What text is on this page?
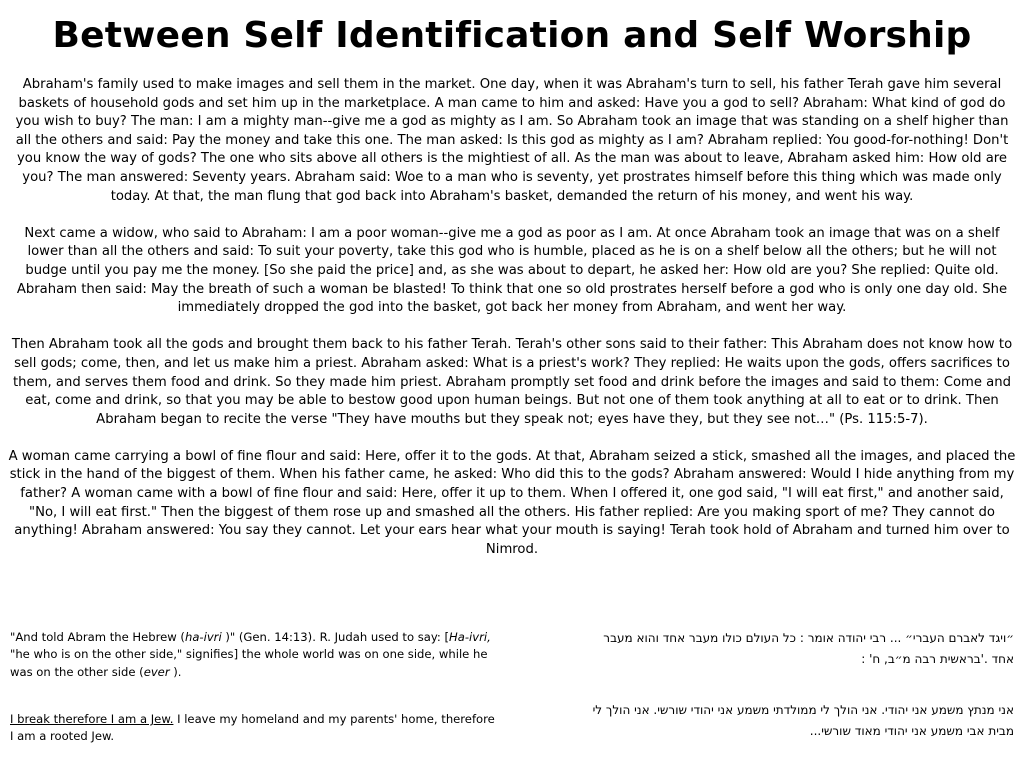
Between Self Identification and Self Worship

Abraham's family used to make images and sell them in the market. One day, when it was Abraham's turn to sell, his father Terah gave him several baskets of household gods and set him up in the marketplace. A man came to him and asked: Have you a god to sell? Abraham: What kind of god do you wish to buy? The man: I am a mighty man--give me a god as mighty as I am. So Abraham took an image that was standing on a shelf higher than all the others and said: Pay the money and take this one. The man asked: Is this god as mighty as I am? Abraham replied: You good-for-nothing! Don't you know the way of gods? The one who sits above all others is the mightiest of all. As the man was about to leave, Abraham asked him: How old are you? The man answered: Seventy years. Abraham said: Woe to a man who is seventy, yet prostrates himself before this thing which was made only today. At that, the man flung that god back into Abraham's basket, demanded the return of his money, and went his way.

Next came a widow, who said to Abraham: I am a poor woman--give me a god as poor as I am. At once Abraham took an image that was on a shelf lower than all the others and said: To suit your poverty, take this god who is humble, placed as he is on a shelf below all the others; but he will not budge until you pay me the money. [So she paid the price] and, as she was about to depart, he asked her: How old are you? She replied: Quite old. Abraham then said: May the breath of such a woman be blasted! To think that one so old prostrates herself before a god who is only one day old. She immediately dropped the god into the basket, got back her money from Abraham, and went her way.

Then Abraham took all the gods and brought them back to his father Terah. Terah's other sons said to their father: This Abraham does not know how to sell gods; come, then, and let us make him a priest. Abraham asked: What is a priest's work? They replied: He waits upon the gods, offers sacrifices to them, and serves them food and drink. So they made him priest. Abraham promptly set food and drink before the images and said to them: Come and eat, come and drink, so that you may be able to bestow good upon human beings. But not one of them took anything at all to eat or to drink. Then Abraham began to recite the verse "They have mouths but they speak not; eyes have they, but they see not…" (Ps. 115:5-7).

A woman came carrying a bowl of fine flour and said: Here, offer it to the gods. At that, Abraham seized a stick, smashed all the images, and placed the stick in the hand of the biggest of them. When his father came, he asked: Who did this to the gods? Abraham answered: Would I hide anything from my father? A woman came with a bowl of fine flour and said: Here, offer it up to them. When I offered it, one god said, "I will eat first," and another said, "No, I will eat first." Then the biggest of them rose up and smashed all the others. His father replied: Are you making sport of me? They cannot do anything! Abraham answered: You say they cannot. Let your ears hear what your mouth is saying! Terah took hold of Abraham and turned him over to Nimrod.

"And told Abram the Hebrew (ha-ivri )" (Gen. 14:13). R. Judah used to say: [Ha-ivri, "he who is on the other side," signifies] the whole world was on one side, while he was on the other side (ever ).
I break therefore I am a Jew. I leave my homeland and my parents' home, therefore I am a rooted Jew.
״ויגד לאברם העברי״ ... רבי יהודה אומר : כל העולם כולו מעבר אחד והוא מעבר אחד .'בראשית רבה מ״ב, ח' :
אני מנתץ משמע אני יהודי. אני הולך לי ממולדתי משמע אני יהודי שורשי. אני הולך לי מבית אבי משמע אני יהודי מאוד שורשי...
